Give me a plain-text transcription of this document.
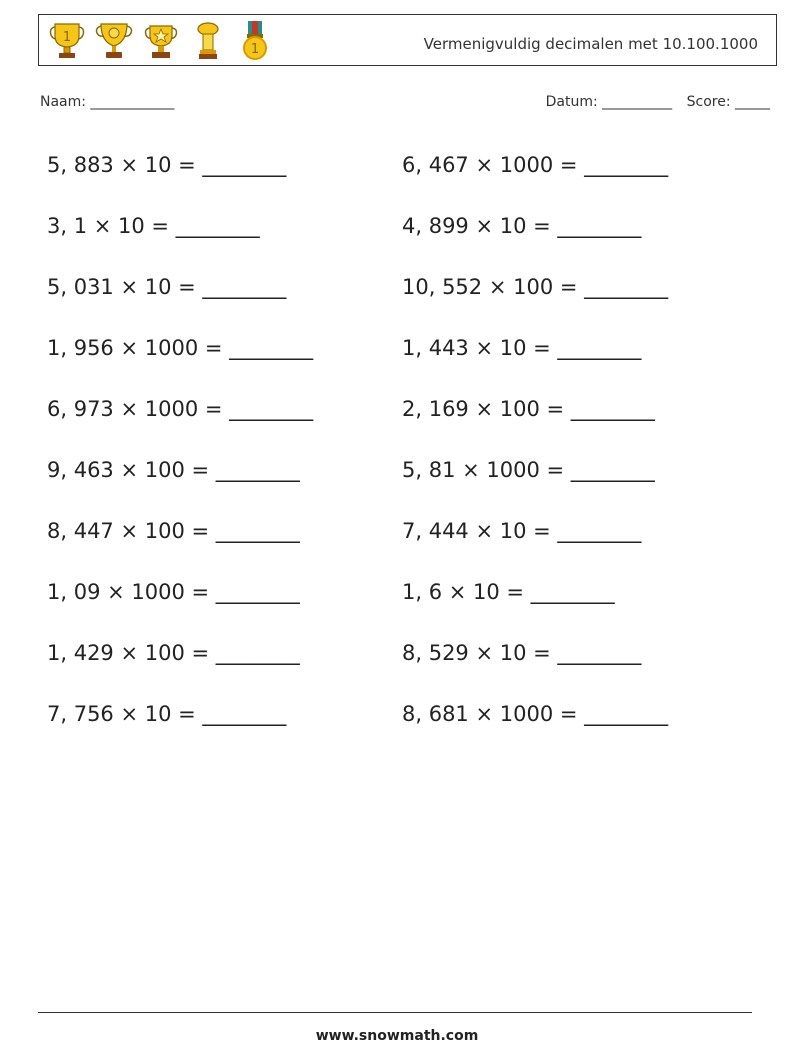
1
1	Vermenigvuldig decimalen met 10.100.1000
Naam: ____________	Datum: __________ Score: _____
5, 883 × 10 = ________	6, 467 × 1000 = ________
3, 1 × 10 = ________	4, 899 × 10 = ________
5, 031 × 10 = ________	10, 552 × 100 = ________
1, 956 × 1000 = ________	1, 443 × 10 = ________
6, 973 × 1000 = ________	2, 169 × 100 = ________
9, 463 × 100 = ________	5, 81 × 1000 = ________
8, 447 × 100 = ________	7, 444 × 10 = ________
1, 09 × 1000 = ________	1, 6 × 10 = ________
1, 429 × 100 = ________	8, 529 × 10 = ________
7, 756 × 10 = ________	8, 681 × 1000 = ________
www.snowmath.com
